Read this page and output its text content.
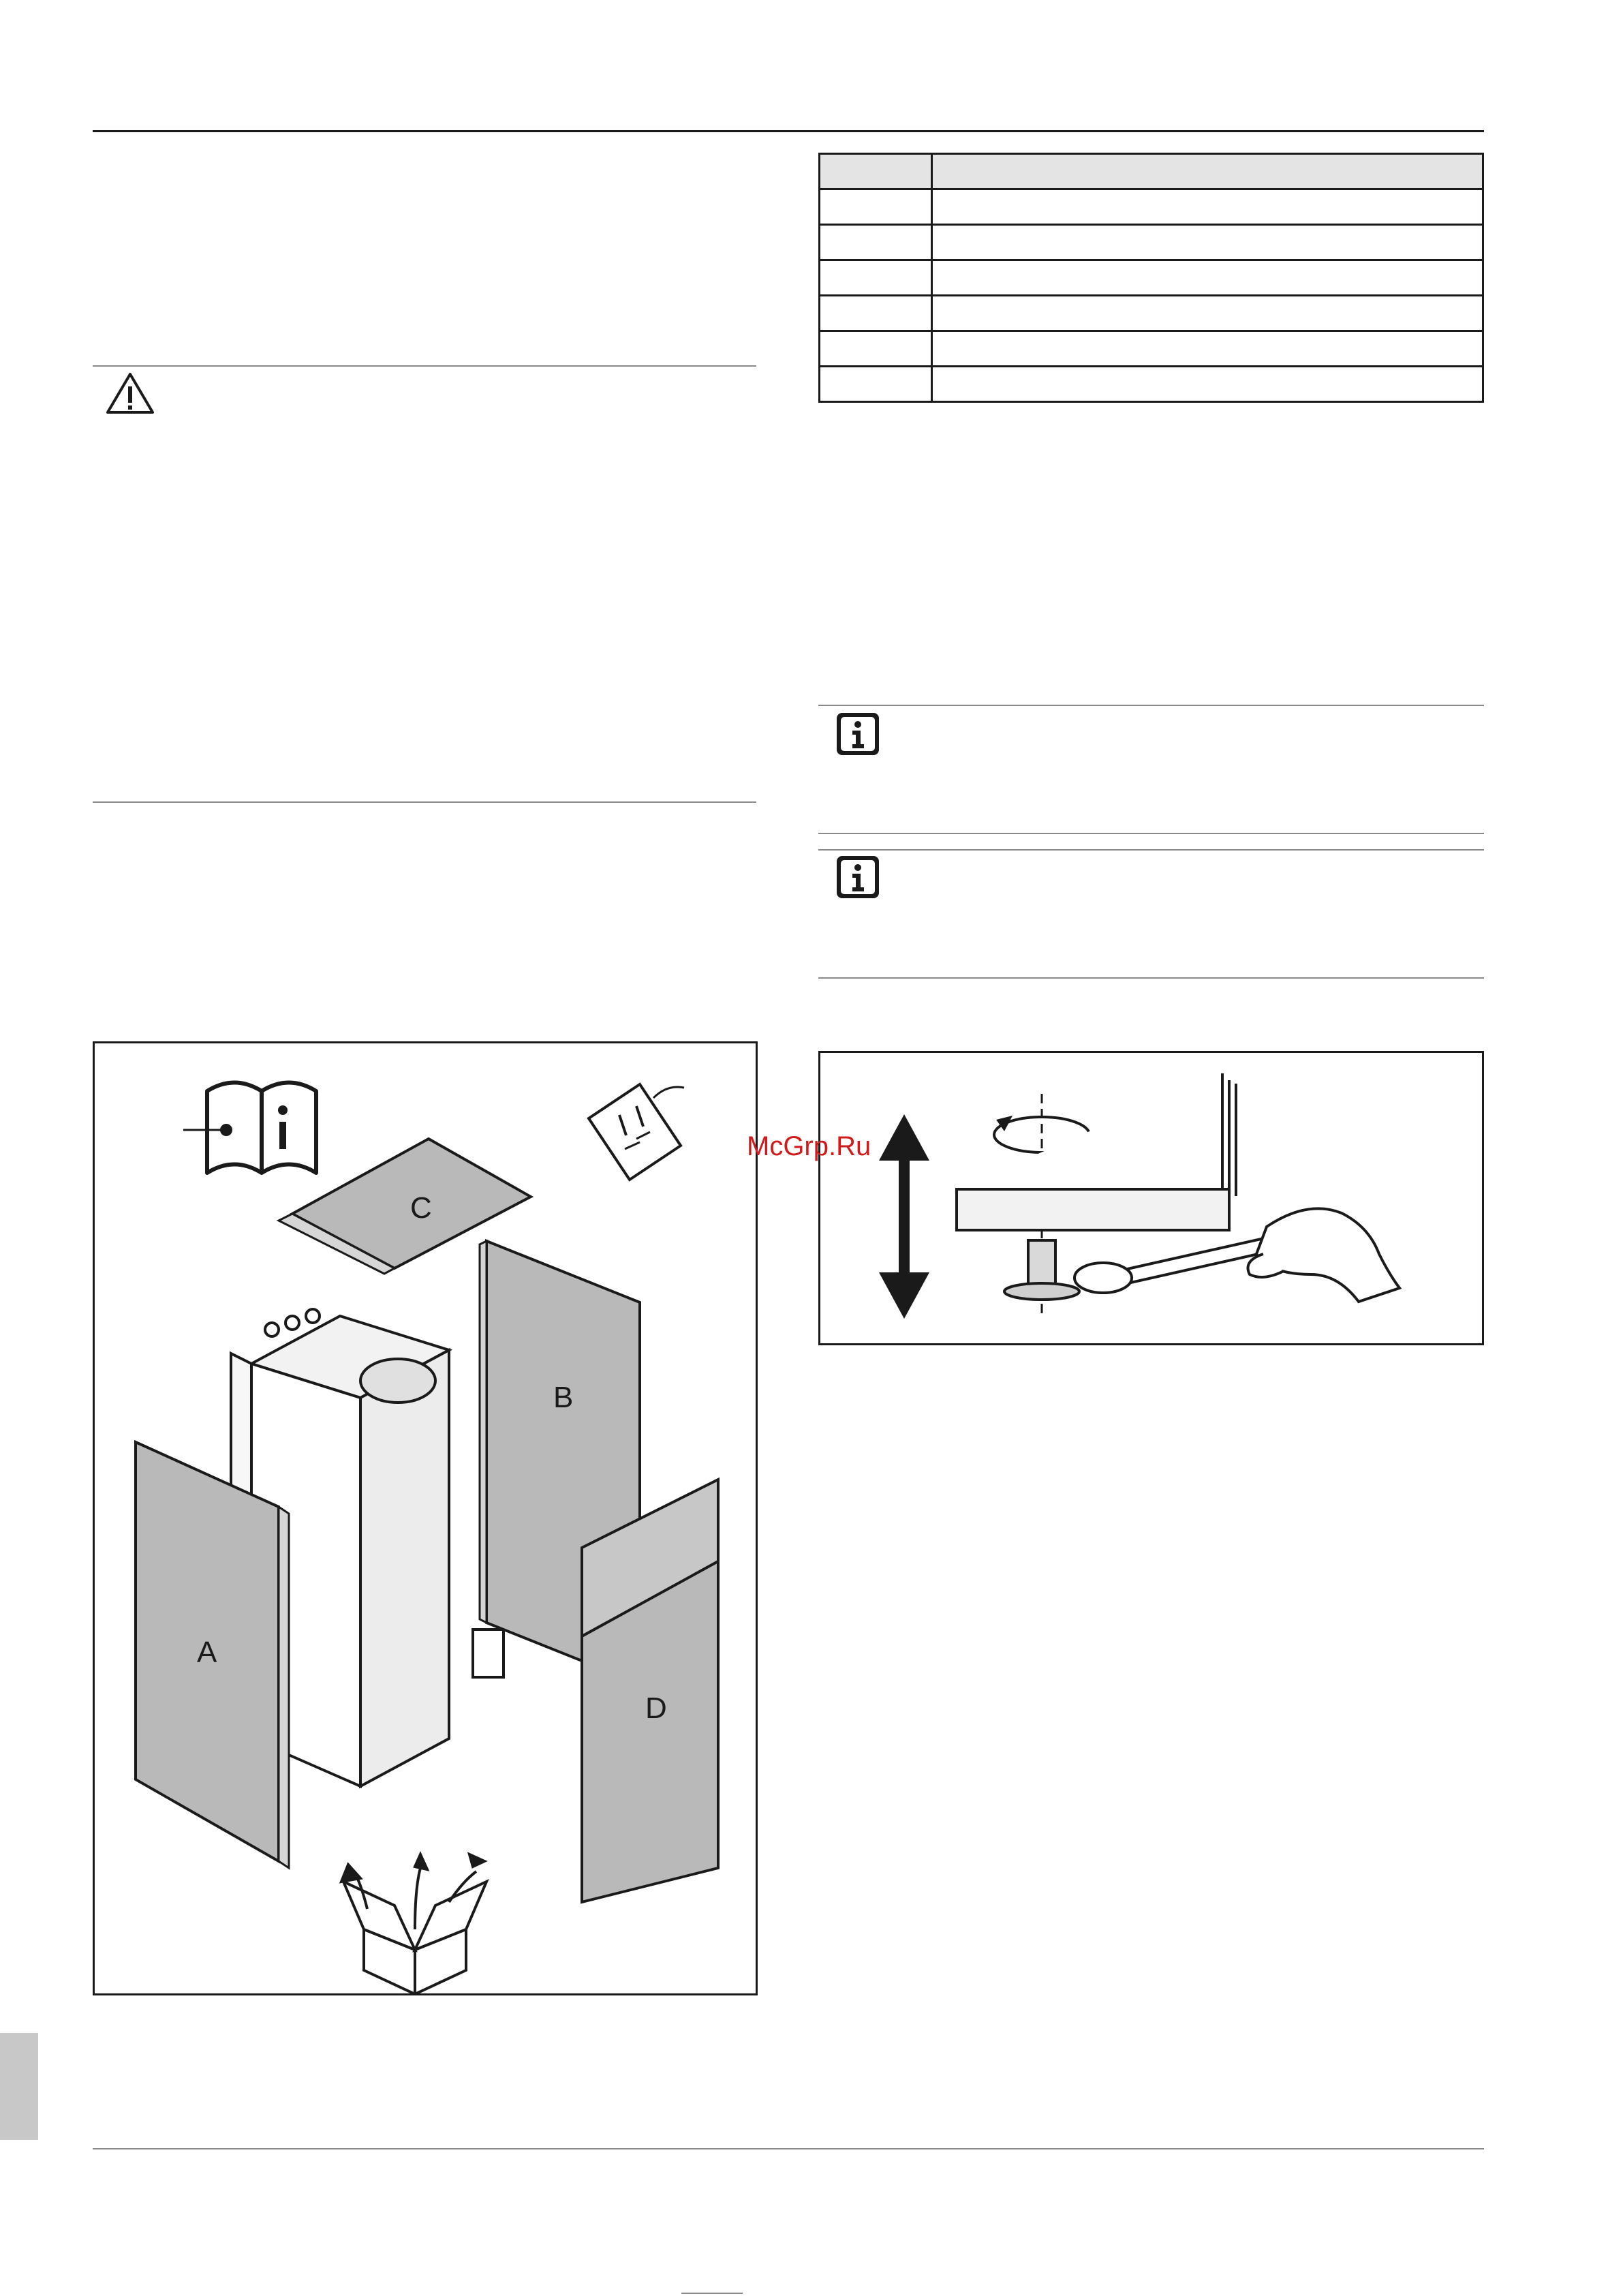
C
B
A
D
McGrp.Ru
